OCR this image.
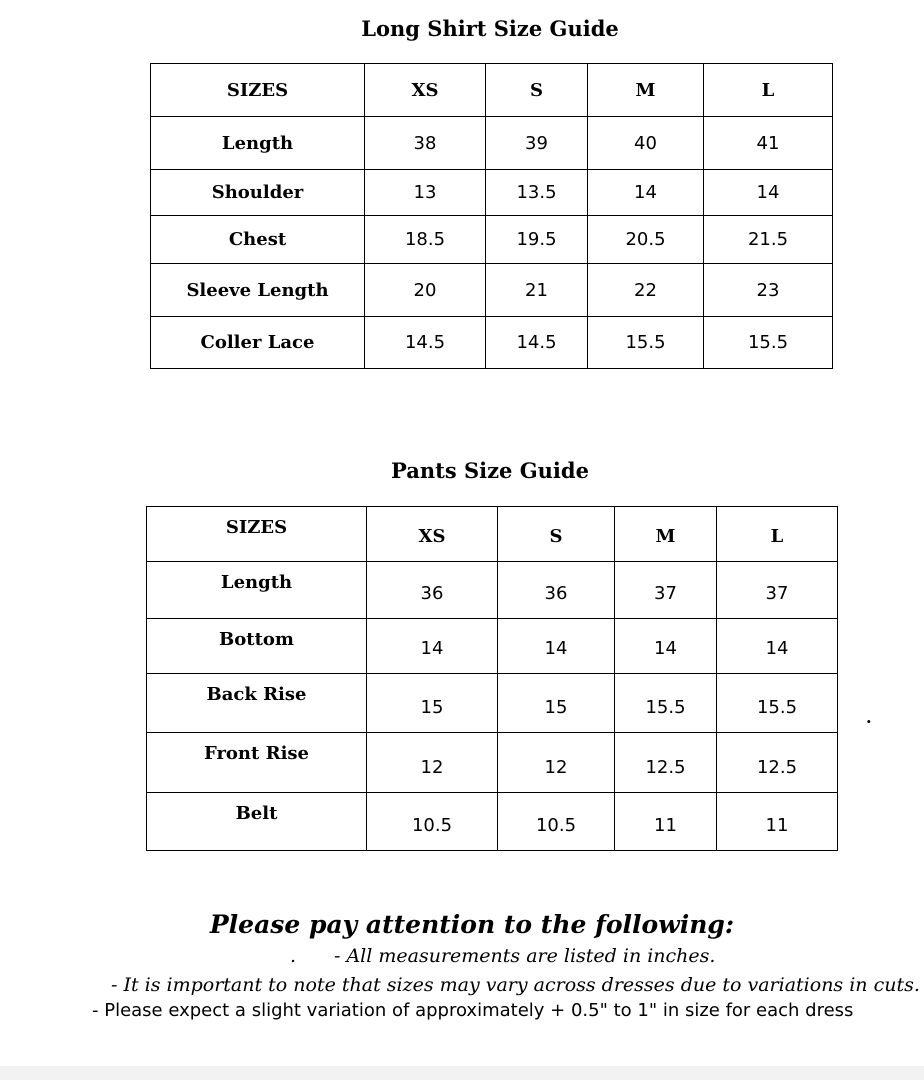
Long Shirt Size Guide
SIZES	XS	S	M	L
Length	38	39	40	41
Shoulder	13	13.5	14	14
Chest	18.5	19.5	20.5	21.5
Sleeve Length	20	21	22	23
Coller Lace	14.5	14.5	15.5	15.5
Pants Size Guide
SIZES	XS	S	M	L
Length	36	36	37	37
Bottom	14	14	14	14
Back Rise	15	15	15.5	15.5
Front Rise	12	12	12.5	12.5
Belt	10.5	10.5	11	11
.
Please pay attention to the following:
. - All measurements are listed in inches.
- It is important to note that sizes may vary across dresses due to variations in cuts.
- Please expect a slight variation of approximately + 0.5" to 1" in size for each dress
